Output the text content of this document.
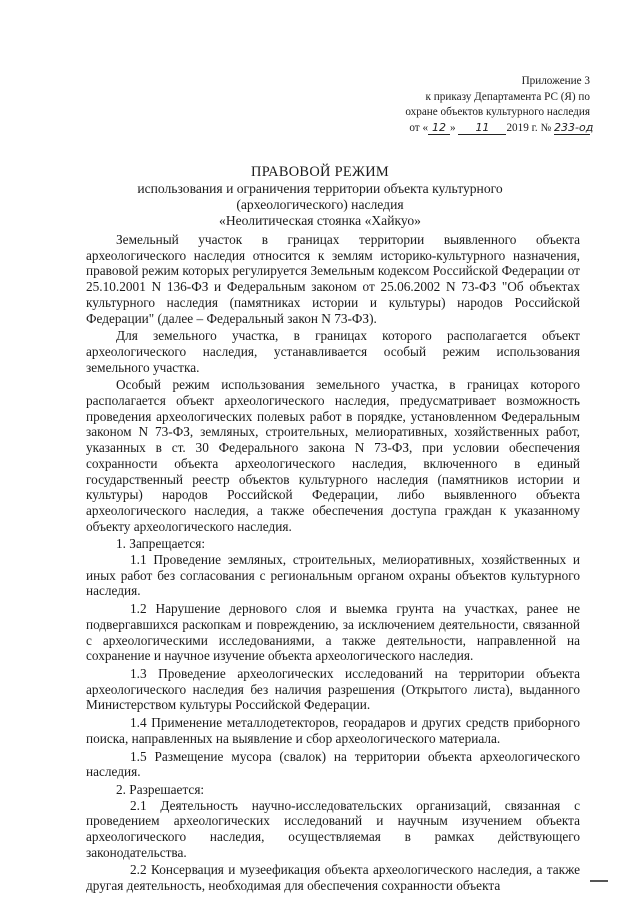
Приложение 3
к приказу Департамента РС (Я) по
охране объектов культурного наследия
от « 12 » 11 2019 г. № 233-од
ПРАВОВОЙ РЕЖИМ
использования и ограничения территории объекта культурного
(археологического) наследия
«Неолитическая стоянка «Хайкуо»

Земельный участок в границах территории выявленного объекта археологического наследия относится к землям историко-культурного назначения, правовой режим которых регулируется Земельным кодексом Российской Федерации от 25.10.2001 N 136-ФЗ и Федеральным законом от 25.06.2002 N 73-ФЗ "Об объектах культурного наследия (памятниках истории и культуры) народов Российской Федерации" (далее – Федеральный закон N 73-ФЗ).

Для земельного участка, в границах которого располагается объект археологического наследия, устанавливается особый режим использования земельного участка.

Особый режим использования земельного участка, в границах которого располагается объект археологического наследия, предусматривает возможность проведения археологических полевых работ в порядке, установленном Федеральным законом N 73-ФЗ, земляных, строительных, мелиоративных, хозяйственных работ, указанных в ст. 30 Федерального закона N 73-ФЗ, при условии обеспечения сохранности объекта археологического наследия, включенного в единый государственный реестр объектов культурного наследия (памятников истории и культуры) народов Российской Федерации, либо выявленного объекта археологического наследия, а также обеспечения доступа граждан к указанному объекту археологического наследия.

1. Запрещается:

1.1 Проведение земляных, строительных, мелиоративных, хозяйственных и иных работ без согласования с региональным органом охраны объектов культурного наследия.

1.2 Нарушение дернового слоя и выемка грунта на участках, ранее не подвергавшихся раскопкам и повреждению, за исключением деятельности, связанной с археологическими исследованиями, а также деятельности, направленной на сохранение и научное изучение объекта археологического наследия.

1.3 Проведение археологических исследований на территории объекта археологического наследия без наличия разрешения (Открытого листа), выданного Министерством культуры Российской Федерации.

1.4 Применение металлодетекторов, георадаров и других средств приборного поиска, направленных на выявление и сбор археологического материала.

1.5 Размещение мусора (свалок) на территории объекта археологического наследия.

2. Разрешается:

2.1 Деятельность научно-исследовательских организаций, связанная с проведением археологических исследований и научным изучением объекта археологического наследия, осуществляемая в рамках действующего законодательства.

2.2 Консервация и музеефикация объекта археологического наследия, а также другая деятельность, необходимая для обеспечения сохранности объекта
